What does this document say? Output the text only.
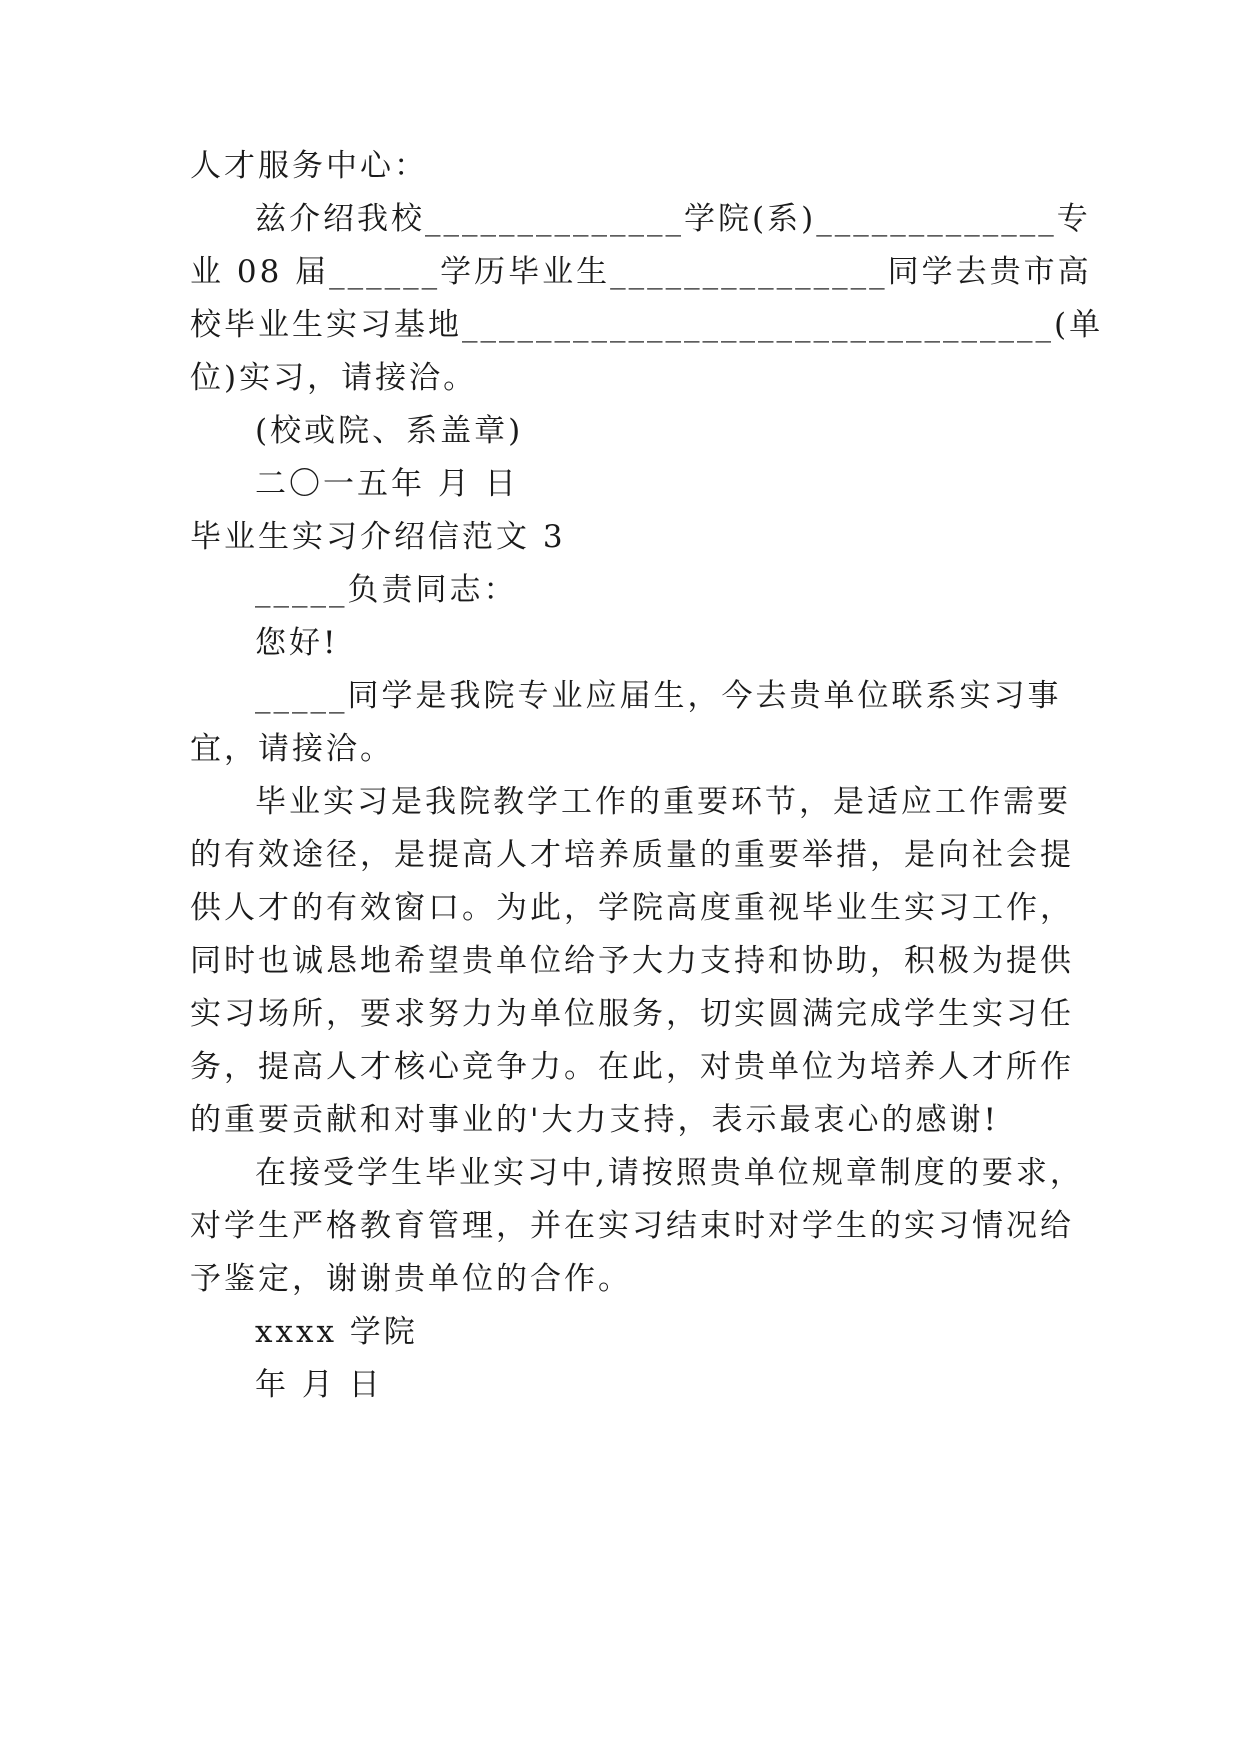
人才服务中心：
兹介绍我校______________学院(系)_____________专
业 08 届______学历毕业生_______________同学去贵市高
校毕业生实习基地________________________________(单
位)实习，请接洽。
(校或院、系盖章)
二〇一五年 月 日
毕业生实习介绍信范文 3
_____负责同志：
您好!
_____同学是我院专业应届生，今去贵单位联系实习事
宜，请接洽。
毕业实习是我院教学工作的重要环节，是适应工作需要
的有效途径，是提高人才培养质量的重要举措，是向社会提
供人才的有效窗口。为此，学院高度重视毕业生实习工作，
同时也诚恳地希望贵单位给予大力支持和协助，积极为提供
实习场所，要求努力为单位服务，切实圆满完成学生实习任
务，提高人才核心竞争力。在此，对贵单位为培养人才所作
的重要贡献和对事业的'大力支持，表示最衷心的感谢!
在接受学生毕业实习中,请按照贵单位规章制度的要求，
对学生严格教育管理，并在实习结束时对学生的实习情况给
予鉴定，谢谢贵单位的合作。
xxxx 学院
年 月 日
